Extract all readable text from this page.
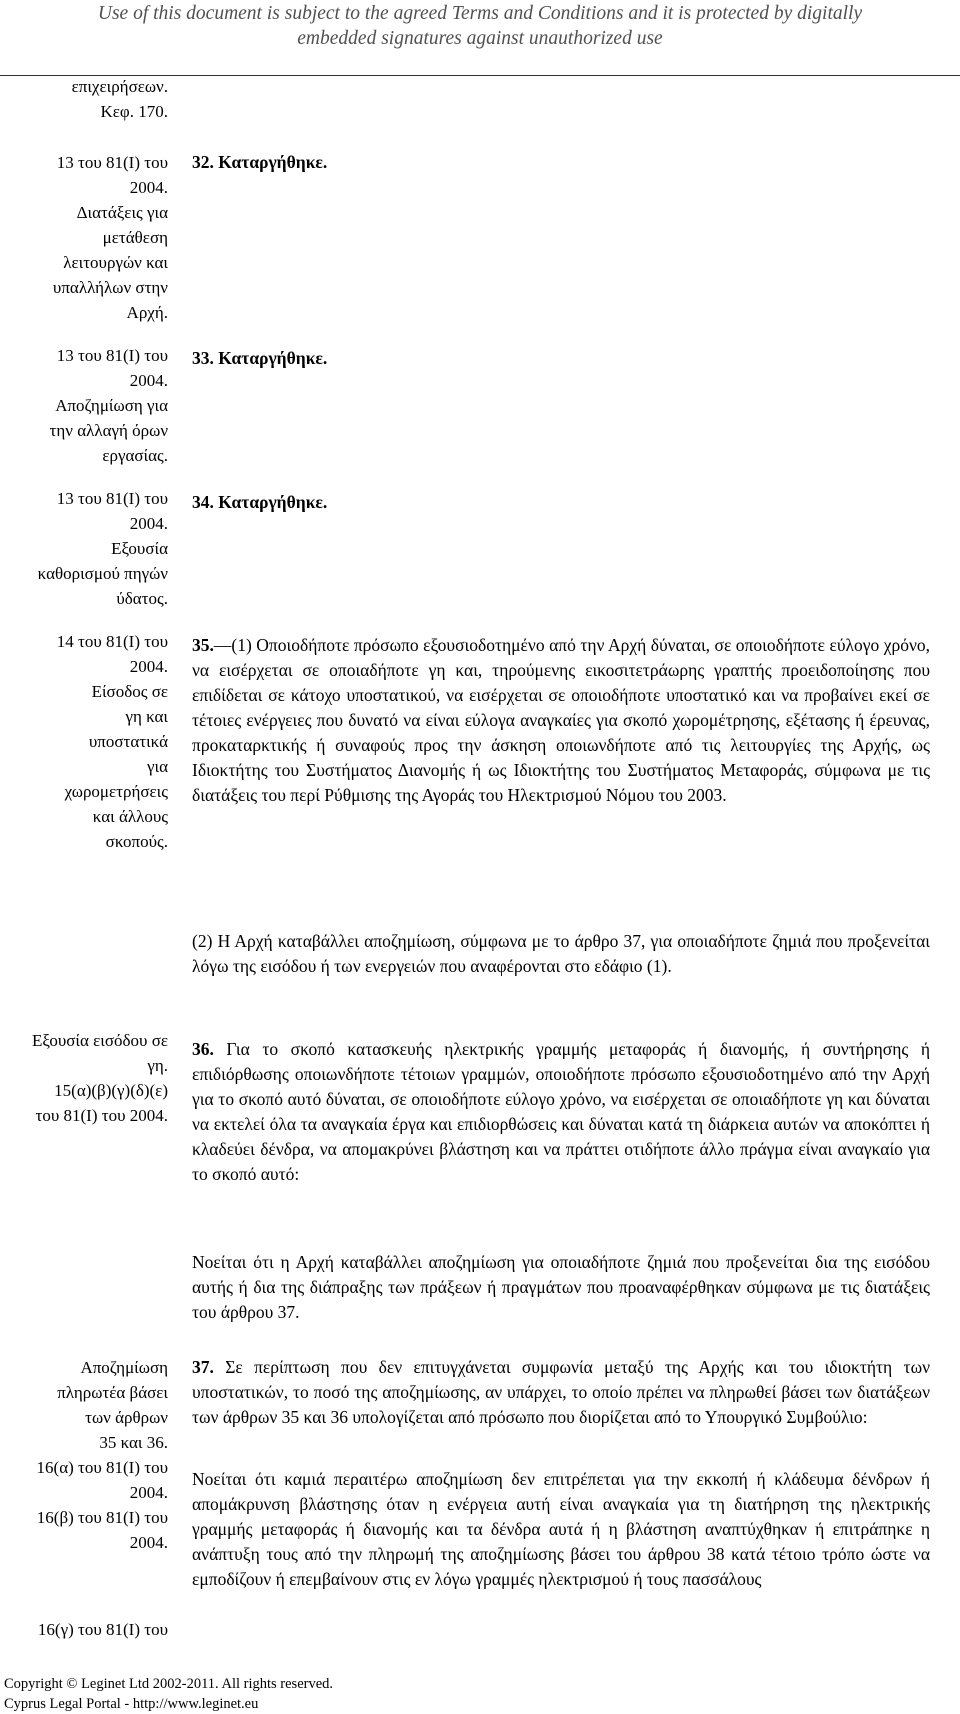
Use of this document is subject to the agreed Terms and Conditions and it is protected by digitally
embedded signatures against unauthorized use
επιχειρήσεων.
Κεφ. 170.
13 του 81(Ι) του
2004.
Διατάξεις για
μετάθεση
λειτουργών και
υπαλλήλων στην
Αρχή.
13 του 81(Ι) του
2004.
Αποζημίωση για
την αλλαγή όρων
εργασίας.
13 του 81(Ι) του
2004.
Εξουσία
καθορισμού πηγών
ύδατος.
14 του 81(Ι) του
2004.
Είσοδος σε
γη και
υποστατικά
για
χωρομετρήσεις
και άλλους
σκοπούς.
Εξουσία εισόδου σε
γη.
15(α)(β)(γ)(δ)(ε)
του 81(Ι) του 2004.
Αποζημίωση
πληρωτέα βάσει
των άρθρων
35 και 36.
16(α) του 81(Ι) του
2004.
16(β) του 81(Ι) του
2004.
16(γ) του 81(Ι) του
32. Καταργήθηκε.
33. Καταργήθηκε.
34. Καταργήθηκε.
35.—(1) Οποιοδήποτε πρόσωπο εξουσιοδοτημένο από την Αρχή δύναται, σε οποιοδήποτε εύλογο χρόνο, να εισέρχεται σε οποιαδήποτε γη και, τηρούμενης εικοσιτετράωρης γραπτής προειδοποίησης που επιδίδεται σε κάτοχο υποστατικού, να εισέρχεται σε οποιοδήποτε υποστατικό και να προβαίνει εκεί σε τέτοιες ενέργειες που δυνατό να είναι εύλογα αναγκαίες για σκοπό χωρομέτρησης, εξέτασης ή έρευνας, προκαταρκτικής ή συναφούς προς την άσκηση οποιωνδήποτε από τις λειτουργίες της Αρχής, ως Ιδιοκτήτης του Συστήματος Διανομής ή ως Ιδιοκτήτης του Συστήματος Μεταφοράς, σύμφωνα με τις διατάξεις του περί Ρύθμισης της Αγοράς του Ηλεκτρισμού Νόμου του 2003.
(2) Η Αρχή καταβάλλει αποζημίωση, σύμφωνα με το άρθρο 37, για οποιαδήποτε ζημιά που προξενείται λόγω της εισόδου ή των ενεργειών που αναφέρονται στο εδάφιο (1).
36. Για το σκοπό κατασκευής ηλεκτρικής γραμμής μεταφοράς ή διανομής, ή συντήρησης ή επιδιόρθωσης οποιωνδήποτε τέτοιων γραμμών, οποιοδήποτε πρόσωπο εξουσιοδοτημένο από την Αρχή για το σκοπό αυτό δύναται, σε οποιοδήποτε εύλογο χρόνο, να εισέρχεται σε οποιαδήποτε γη και δύναται να εκτελεί όλα τα αναγκαία έργα και επιδιορθώσεις και δύναται κατά τη διάρκεια αυτών να αποκόπτει ή κλαδεύει δένδρα, να απομακρύνει βλάστηση και να πράττει οτιδήποτε άλλο πράγμα είναι αναγκαίο για το σκοπό αυτό:
Νοείται ότι η Αρχή καταβάλλει αποζημίωση για οποιαδήποτε ζημιά που προξενείται δια της εισόδου αυτής ή δια της διάπραξης των πράξεων ή πραγμάτων που προαναφέρθηκαν σύμφωνα με τις διατάξεις του άρθρου 37.
37. Σε περίπτωση που δεν επιτυγχάνεται συμφωνία μεταξύ της Αρχής και του ιδιοκτήτη των υποστατικών, το ποσό της αποζημίωσης, αν υπάρχει, το οποίο πρέπει να πληρωθεί βάσει των διατάξεων των άρθρων 35 και 36 υπολογίζεται από πρόσωπο που διορίζεται από το Υπουργικό Συμβούλιο:
Νοείται ότι καμιά περαιτέρω αποζημίωση δεν επιτρέπεται για την εκκοπή ή κλάδευμα δένδρων ή απομάκρυνση βλάστησης όταν η ενέργεια αυτή είναι αναγκαία για τη διατήρηση της ηλεκτρικής γραμμής μεταφοράς ή διανομής και τα δένδρα αυτά ή η βλάστηση αναπτύχθηκαν ή επιτράπηκε η ανάπτυξη τους από την πληρωμή της αποζημίωσης βάσει του άρθρου 38 κατά τέτοιο τρόπο ώστε να εμποδίζουν ή επεμβαίνουν στις εν λόγω γραμμές ηλεκτρισμού ή τους πασσάλους
Copyright © Leginet Ltd 2002-2011. All rights reserved.
Cyprus Legal Portal - http://www.leginet.eu
